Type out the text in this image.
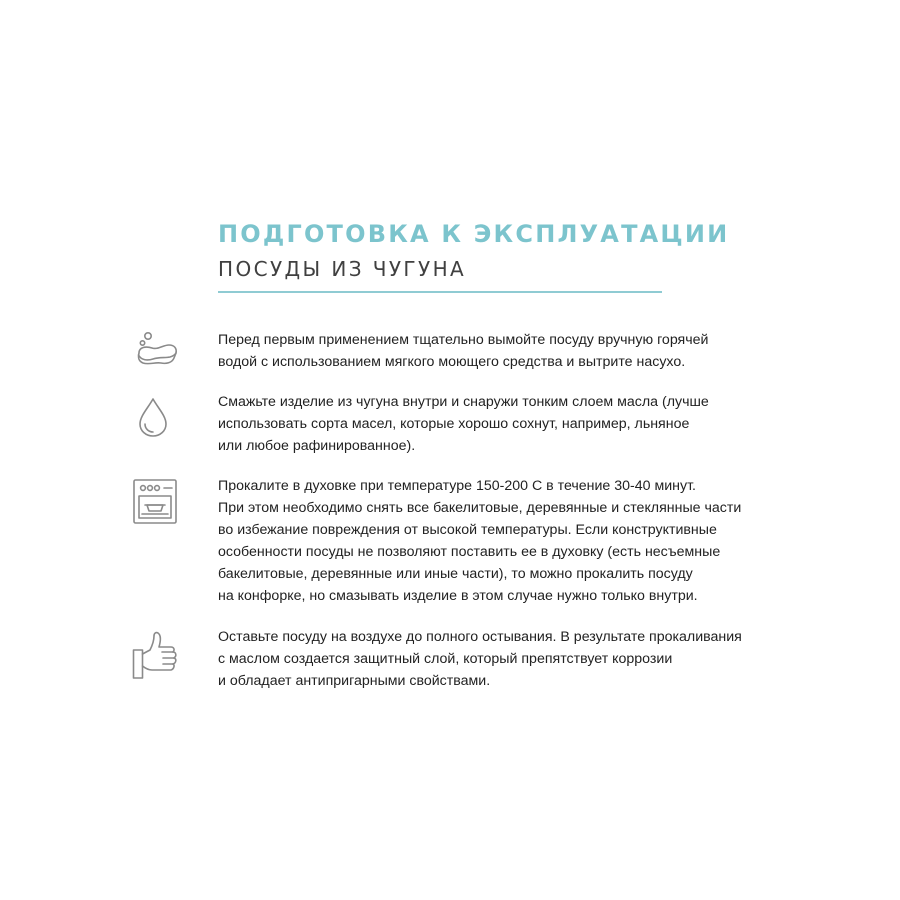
ПОДГОТОВКА К ЭКСПЛУАТАЦИИ
ПОСУДЫ ИЗ ЧУГУНА
Перед первым применением тщательно вымойте посуду вручную горячей
водой с использованием мягкого моющего средства и вытрите насухо.
Смажьте изделие из чугуна внутри и снаружи тонким слоем масла (лучше
использовать сорта масел, которые хорошо сохнут, например, льняное
или любое рафинированное).
Прокалите в духовке при температуре 150-200 С в течение 30-40 минут.
При этом необходимо снять все бакелитовые, деревянные и стеклянные части
во избежание повреждения от высокой температуры. Если конструктивные
особенности посуды не позволяют поставить ее в духовку (есть несъемные
бакелитовые, деревянные или иные части), то можно прокалить посуду
на конфорке, но смазывать изделие в этом случае нужно только внутри.
Оставьте посуду на воздухе до полного остывания. В результате прокаливания
с маслом создается защитный слой, который препятствует коррозии
и обладает антипригарными свойствами.
